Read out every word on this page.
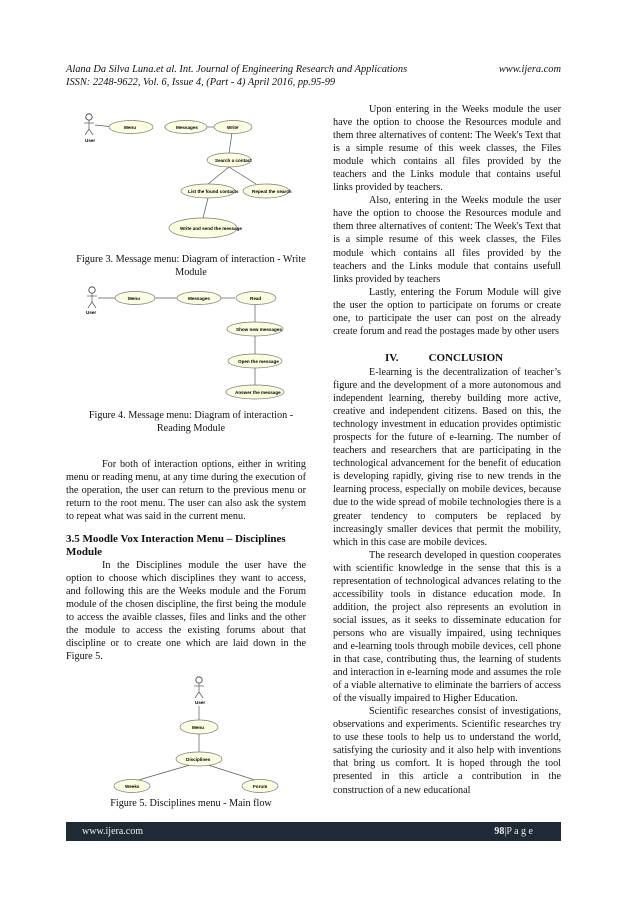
Alana Da Silva Luna.et al. Int. Journal of Engineering Research and Applications
ISSN: 2248-9622, Vol. 6, Issue 4, (Part - 4) April 2016, pp.95-99
www.ijera.com
User
Menu	Messages	Write
Search a contact
List the found contacts	Repeat the search
Write and send the message
Figure 3. Message menu: Diagram of interaction - Write Module
User
Menu	Messages	Read
Show new messages
Open the message
Answer the message
Figure 4. Message menu: Diagram of interaction - Reading Module

For both of interaction options, either in writing menu or reading menu, at any time during the execution of the operation, the user can return to the previous menu or return to the root menu. The user can also ask the system to repeat what was said in the current menu.

3.5 Moodle Vox Interaction Menu – Disciplines Module

In the Disciplines module the user have the option to choose which disciplines they want to access, and following this are the Weeks module and the Forum module of the chosen discipline, the first being the module to access the avaible classes, files and links and the other the module to access the existing forums about that discipline or to create one which are laid down in the Figure 5.

User
Menu
Disciplines
Weeks	Forum
Figure 5. Disciplines menu - Main flow

Upon entering in the Weeks module the user have the option to choose the Resources module and them three alternatives of content: The Week's Text that is a simple resume of this week classes, the Files module which contains all files provided by the teachers and the Links module that contains useful links provided by teachers.

Also, entering in the Weeks module the user have the option to choose the Resources module and them three alternatives of content: The Week's Text that is a simple resume of this week classes, the Files module which contains all files provided by the teachers and the Links module that contains usefull links provided by teachers

Lastly, entering the Forum Module will give the user the option to participate on forums or create one, to participate the user can post on the already create forum and read the postages made by other users

IV.	CONCLUSION

E-learning is the decentralization of teacher’s figure and the development of a more autonomous and independent learning, thereby building more active, creative and independent citizens. Based on this, the technology investment in education provides optimistic prospects for the future of e-learning. The number of teachers and researchers that are participating in the technological advancement for the benefit of education is developing rapidly, giving rise to new trends in the learning process, especially on mobile devices, because due to the wide spread of mobile technologies there is a greater tendency to computers be replaced by increasingly smaller devices that permit the mobility, which in this case are mobile devices.

The research developed in question cooperates with scientific knowledge in the sense that this is a representation of technological advances relating to the accessibility tools in distance education mode. In addition, the project also represents an evolution in social issues, as it seeks to disseminate education for persons who are visually impaired, using techniques and e-learning tools through mobile devices, cell phone in that case, contributing thus, the learning of students and interaction in e-learning mode and assumes the role of a viable alternative to eliminate the barriers of access of the visually impaired to Higher Education.

Scientific researches consist of investigations, observations and experiments. Scientific researches try to use these tools to help us to understand the world, satisfying the curiosity and it also help with inventions that bring us comfort. It is hoped through the tool presented in this article a contribution in the construction of a new educational

www.ijera.com	98|P a g e
